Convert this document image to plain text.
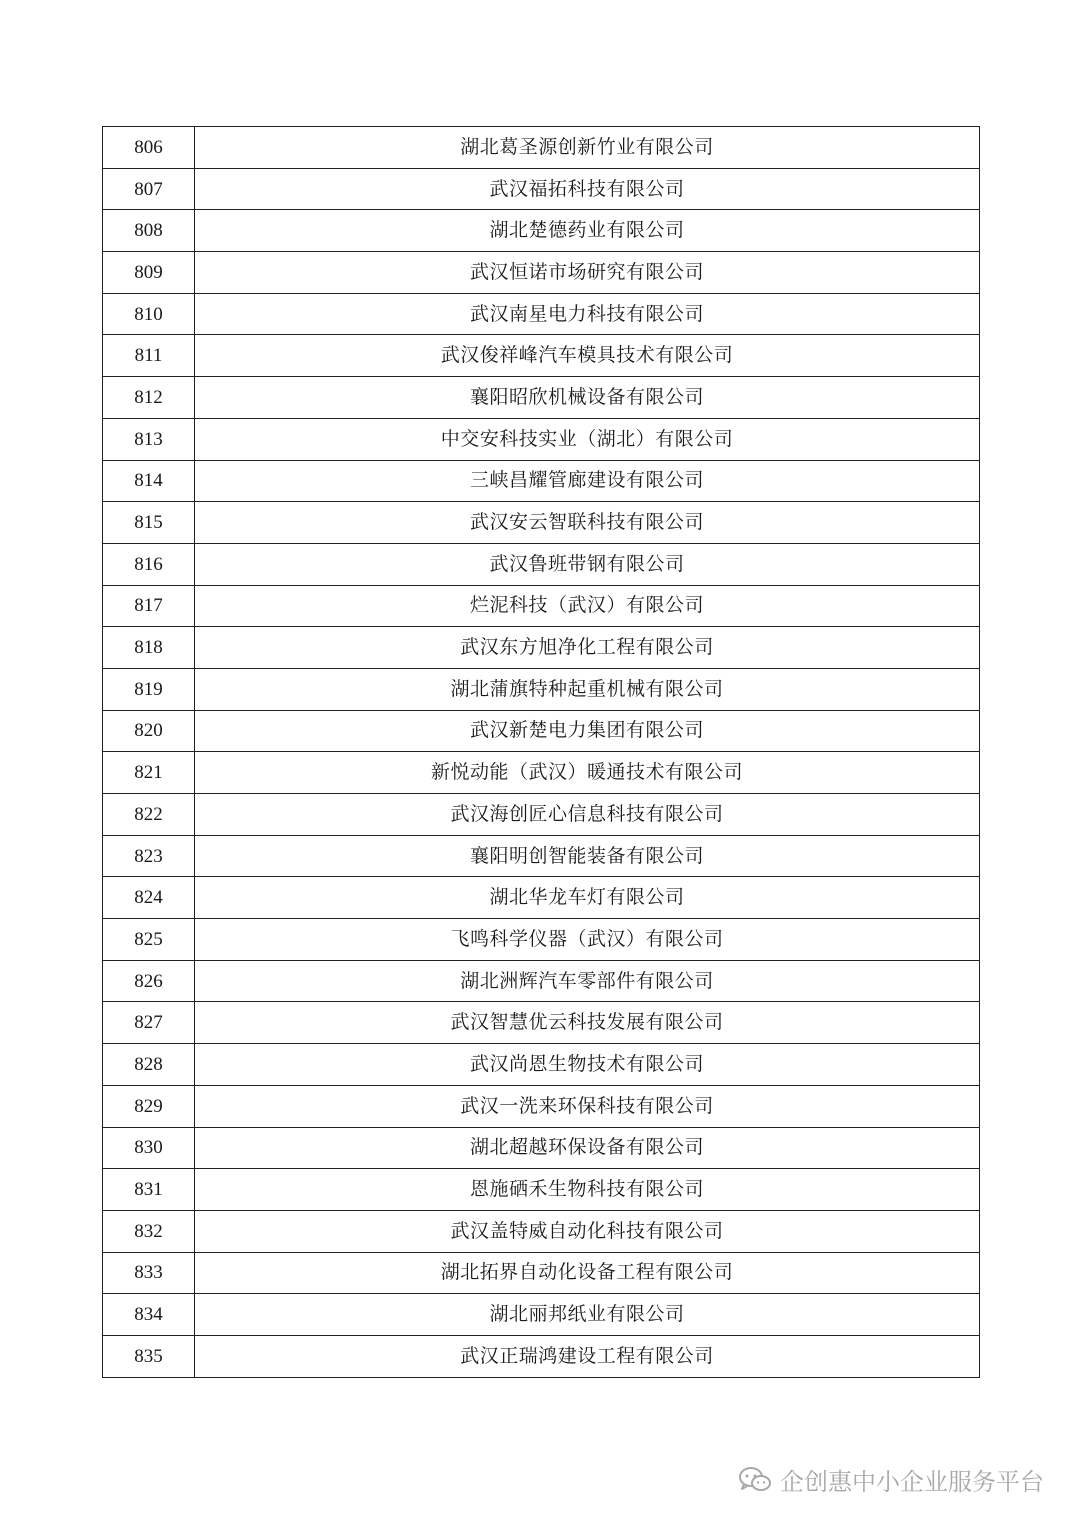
806	湖北葛圣源创新竹业有限公司
807	武汉福拓科技有限公司
808	湖北楚德药业有限公司
809	武汉恒诺市场研究有限公司
810	武汉南星电力科技有限公司
811	武汉俊祥峰汽车模具技术有限公司
812	襄阳昭欣机械设备有限公司
813	中交安科技实业（湖北）有限公司
814	三峡昌耀管廊建设有限公司
815	武汉安云智联科技有限公司
816	武汉鲁班带钢有限公司
817	烂泥科技（武汉）有限公司
818	武汉东方旭净化工程有限公司
819	湖北蒲旗特种起重机械有限公司
820	武汉新楚电力集团有限公司
821	新悦动能（武汉）暖通技术有限公司
822	武汉海创匠心信息科技有限公司
823	襄阳明创智能装备有限公司
824	湖北华龙车灯有限公司
825	飞鸣科学仪器（武汉）有限公司
826	湖北洲辉汽车零部件有限公司
827	武汉智慧优云科技发展有限公司
828	武汉尚恩生物技术有限公司
829	武汉一洗来环保科技有限公司
830	湖北超越环保设备有限公司
831	恩施硒禾生物科技有限公司
832	武汉盖特威自动化科技有限公司
833	湖北拓界自动化设备工程有限公司
834	湖北丽邦纸业有限公司
835	武汉正瑞鸿建设工程有限公司
企创惠中小企业服务平台
